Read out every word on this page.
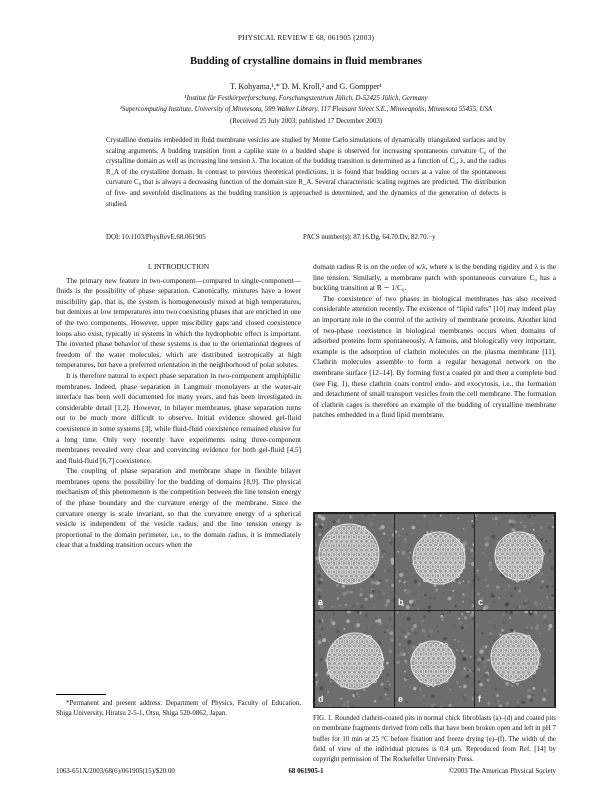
PHYSICAL REVIEW E 68, 061905 (2003)
Budding of crystalline domains in fluid membranes
T. Kohyama,¹,* D. M. Kroll,² and G. Gompper¹
¹Institut für Festkörperforschung, Forschungszentrum Jülich, D-52425 Jülich, Germany
²Supercomputing Institute, University of Minnesota, 599 Walter Library, 117 Pleasant Street S.E., Minneapolis, Minnesota 55455, USA
(Received 25 July 2003; published 17 December 2003)
Crystalline domains embedded in fluid membrane vesicles are studied by Monte Carlo simulations of dynamically triangulated surfaces and by scaling arguments. A budding transition from a caplike state to a budded shape is observed for increasing spontaneous curvature C₀ of the crystalline domain as well as increasing line tension λ. The location of the budding transition is determined as a function of C₀, λ, and the radius R_A of the crystalline domain. In contrast to previous theoretical predictions, it is found that budding occurs at a value of the spontaneous curvature C₀ that is always a decreasing function of the domain size R_A. Several characteristic scaling regimes are predicted. The distribution of five- and sevenfold disclinations as the budding transition is approached is determined, and the dynamics of the generation of defects is studied.
DOI: 10.1103/PhysRevE.68.061905	PACS number(s): 87.16.Dg, 64.70.Dv, 82.70.−y
I. INTRODUCTION

The primary new feature in two-component—compared to single-component—fluids is the possibility of phase separation. Canonically, mixtures have a lower miscibility gap, that is, the system is homogeneously mixed at high temperatures, but demixes at low temperatures into two coexisting phases that are enriched in one of the two components. However, upper miscibility gaps and closed coexistence loops also exist, typically in systems in which the hydrophobic effect is important. The inverted phase behavior of these systems is due to the orientational degrees of freedom of the water molecules, which are distributed isotropically at high temperatures, but have a preferred orientation in the neighborhood of polar solutes.

It is therefore natural to expect phase separation in two-component amphiphilic membranes. Indeed, phase separation in Langmuir monolayers at the water-air interface has been well documented for many years, and has been investigated in considerable detail [1,2]. However, in bilayer membranes, phase separation turns out to be much more difficult to observe. Initial evidence showed gel-fluid coexistence in some systems [3], while fluid-fluid coexistence remained elusive for a long time. Only very recently have experiments using three-component membranes revealed very clear and convincing evidence for both gel-fluid [4,5] and fluid-fluid [6,7] coexistence.

The coupling of phase separation and membrane shape in flexible bilayer membranes opens the possibility for the budding of domains [8,9]. The physical mechanism of this phenomenon is the competition between the line tension energy of the phase boundary and the curvature energy of the membrane. Since the curvature energy is scale invariant, so that the curvature energy of a spherical vesicle is independent of the vesicle radius, and the line tension energy is proportional to the domain perimeter, i.e., to the domain radius, it is immediately clear that a budding transition occurs when the

domain radius R is on the order of κ/λ, where κ is the bending rigidity and λ is the line tension. Similarly, a membrane patch with spontaneous curvature C₀ has a buckling transition at R ∼ 1/C₀.

The coexistence of two phases in biological membranes has also received considerable attention recently. The existence of “lipid rafts” [10] may indeed play an important role in the control of the activity of membrane proteins. Another kind of two-phase coexistence in biological membranes occurs when domains of adsorbed proteins form spontaneously. A famous, and biologically very important, example is the adsorption of clathrin molecules on the plasma membrane [11]. Clathrin molecules assemble to form a regular hexagonal network on the membrane surface [12–14]. By forming first a coated pit and then a complete bud (see Fig. 1), these clathrin coats control endo- and exocytosis, i.e., the formation and detachment of small transport vesicles from the cell membrane. The formation of clathrin cages is therefore an example of the budding of crystalline membrane patches embedded in a fluid lipid membrane.

a	b	c
d	e	f
FIG. 1. Rounded clathrin-coated pits in normal chick fibroblasts (a)–(d) and coated pits on membrane fragments derived from cells that have been broken open and left in pH 7 buffer for 10 min at 25 °C before fixation and freeze drying (e)–(f). The width of the field of view of the individual pictures is 0.4 μm. Reproduced from Ref. [14] by copyright permission of The Rockefeller University Press.
*Permanent and present address: Department of Physics, Faculty of Education, Shiga University, Hiratsu 2-5-1, Otsu, Shiga 520-0862, Japan.
1063-651X/2003/68(6)/061905(15)/$20.00	68 061905-1	©2003 The American Physical Society
